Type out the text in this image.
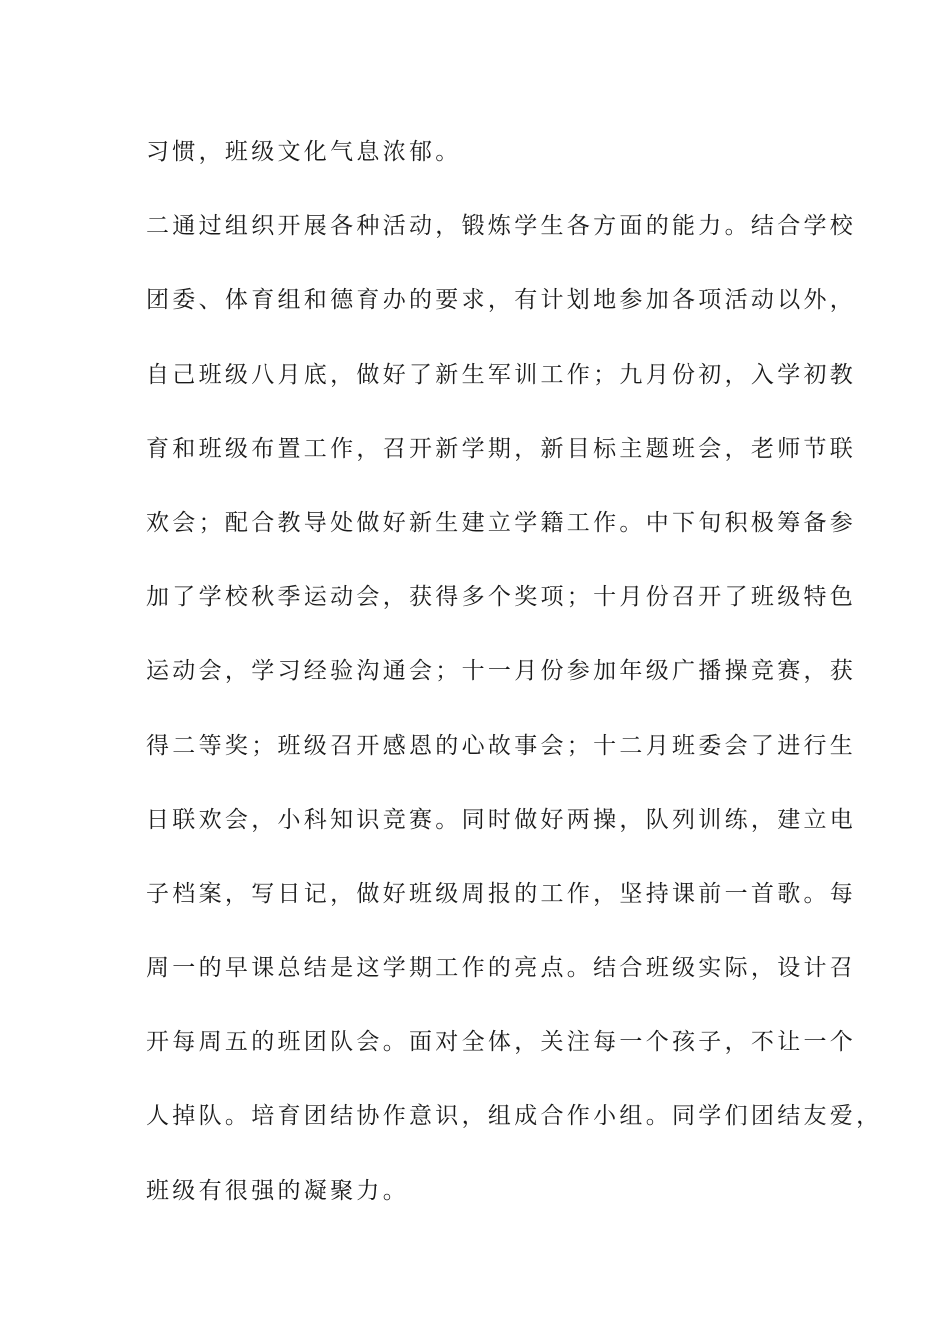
习惯，班级文化气息浓郁。
二通过组织开展各种活动，锻炼学生各方面的能力。结合学校
团委、体育组和德育办的要求，有计划地参加各项活动以外，
自己班级八月底，做好了新生军训工作；九月份初，入学初教
育和班级布置工作，召开新学期，新目标主题班会，老师节联
欢会；配合教导处做好新生建立学籍工作。中下旬积极筹备参
加了学校秋季运动会，获得多个奖项；十月份召开了班级特色
运动会，学习经验沟通会；十一月份参加年级广播操竞赛，获
得二等奖；班级召开感恩的心故事会；十二月班委会了进行生
日联欢会，小科知识竞赛。同时做好两操，队列训练，建立电
子档案，写日记，做好班级周报的工作，坚持课前一首歌。每
周一的早课总结是这学期工作的亮点。结合班级实际，设计召
开每周五的班团队会。面对全体，关注每一个孩子，不让一个
人掉队。培育团结协作意识，组成合作小组。同学们团结友爱，
班级有很强的凝聚力。
